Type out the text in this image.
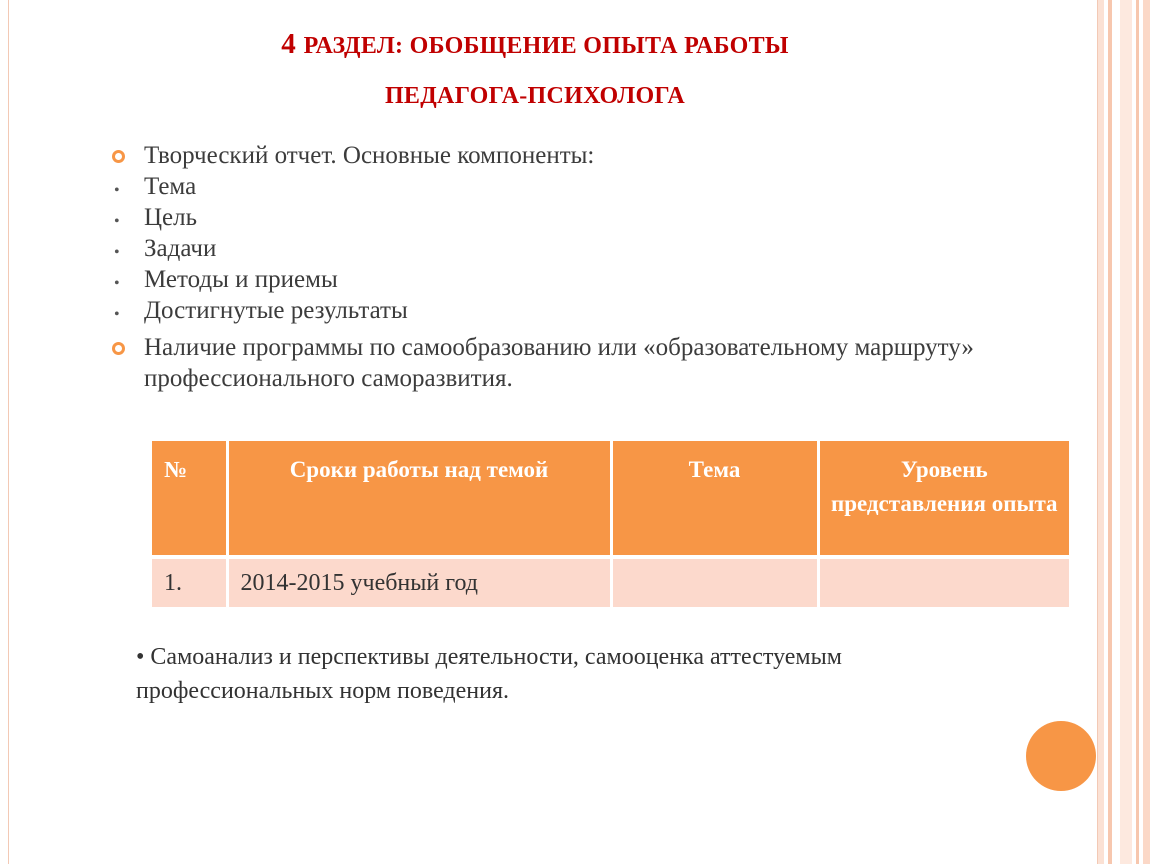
4 РАЗДЕЛ: ОБОБЩЕНИЕ ОПЫТА РАБОТЫ
ПЕДАГОГА-ПСИХОЛОГА
Творческий отчет. Основные компоненты:
• Тема
• Цель
• Задачи
• Методы и приемы
• Достигнутые результаты
Наличие программы по самообразованию или «образовательному маршруту» профессионального саморазвития.
№	Сроки работы над темой	Тема	Уровень представления опыта
1.	2014-2015 учебный год		
• Самоанализ и перспективы деятельности, самооценка аттестуемым профессиональных норм поведения.
